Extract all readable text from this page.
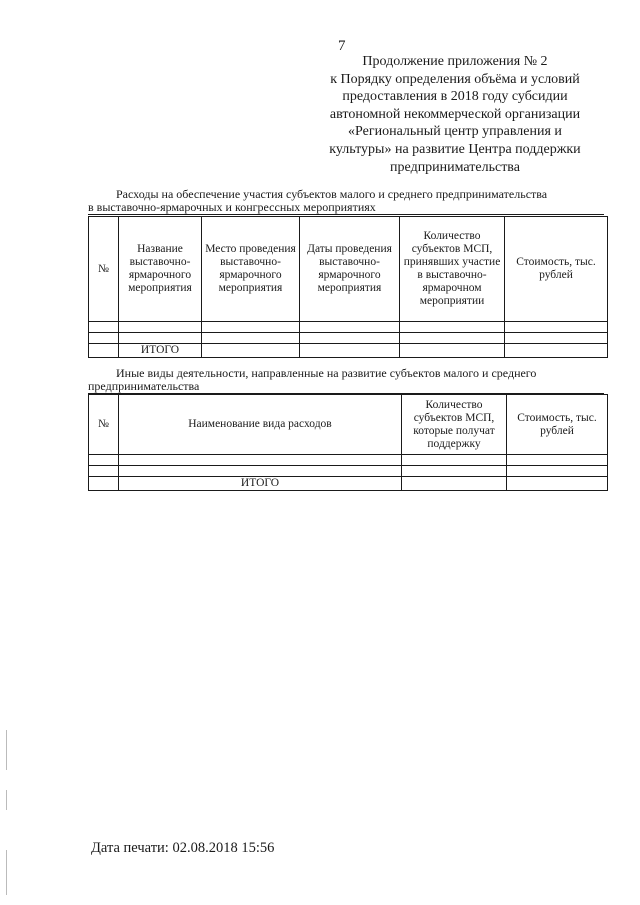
7
Продолжение приложения № 2
к Порядку определения объёма и условий
предоставления в 2018 году субсидии
автономной некоммерческой организации
«Региональный центр управления и
культуры» на развитие Центра поддержки
предпринимательства
Расходы на обеспечение участия субъектов малого и среднего предпринимательства
в выставочно-ярмарочных и конгрессных мероприятиях
№	Название выставочно-ярмарочного мероприятия	Место проведения выставочно-ярмарочного мероприятия	Даты проведения выставочно-ярмарочного мероприятия	Количество субъектов МСП, принявших участие в выставочно-ярмарочном мероприятии	Стоимость, тыс. рублей

	ИТОГО				
Иные виды деятельности, направленные на развитие субъектов малого и среднего
предпринимательства
№	Наименование вида расходов	Количество субъектов МСП, которые получат поддержку	Стоимость, тыс. рублей

	ИТОГО		
Дата печати: 02.08.2018 15:56
